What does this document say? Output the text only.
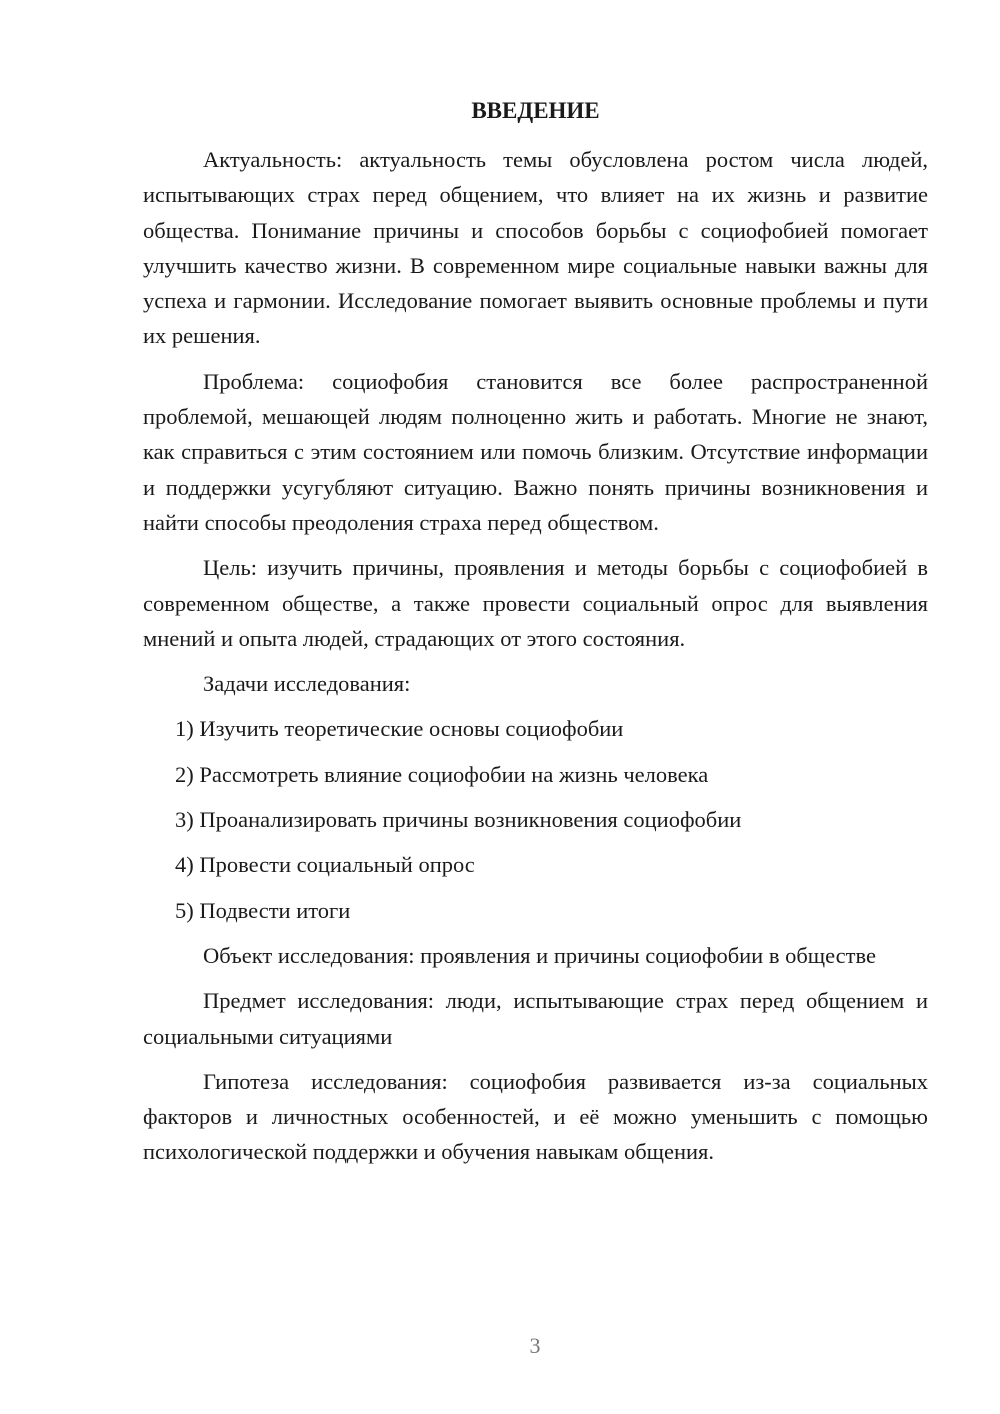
ВВЕДЕНИЕ

Актуальность: актуальность темы обусловлена ростом числа людей, испытывающих страх перед общением, что влияет на их жизнь и развитие общества. Понимание причины и способов борьбы с социофобией помогает улучшить качество жизни. В современном мире социальные навыки важны для успеха и гармонии. Исследование помогает выявить основные проблемы и пути их решения.

Проблема: социофобия становится все более распространенной проблемой, мешающей людям полноценно жить и работать. Многие не знают, как справиться с этим состоянием или помочь близким. Отсутствие информации и поддержки усугубляют ситуацию. Важно понять причины возникновения и найти способы преодоления страха перед обществом.

Цель: изучить причины, проявления и методы борьбы с социофобией в современном обществе, а также провести социальный опрос для выявления мнений и опыта людей, страдающих от этого состояния.

Задачи исследования:

1) Изучить теоретические основы социофобии
2) Рассмотреть влияние социофобии на жизнь человека
3) Проанализировать причины возникновения социофобии
4) Провести социальный опрос
5) Подвести итоги

Объект исследования: проявления и причины социофобии в обществе

Предмет исследования: люди, испытывающие страх перед общением и социальными ситуациями

Гипотеза исследования: социофобия развивается из-за социальных факторов и личностных особенностей, и её можно уменьшить с помощью психологической поддержки и обучения навыкам общения.

3
